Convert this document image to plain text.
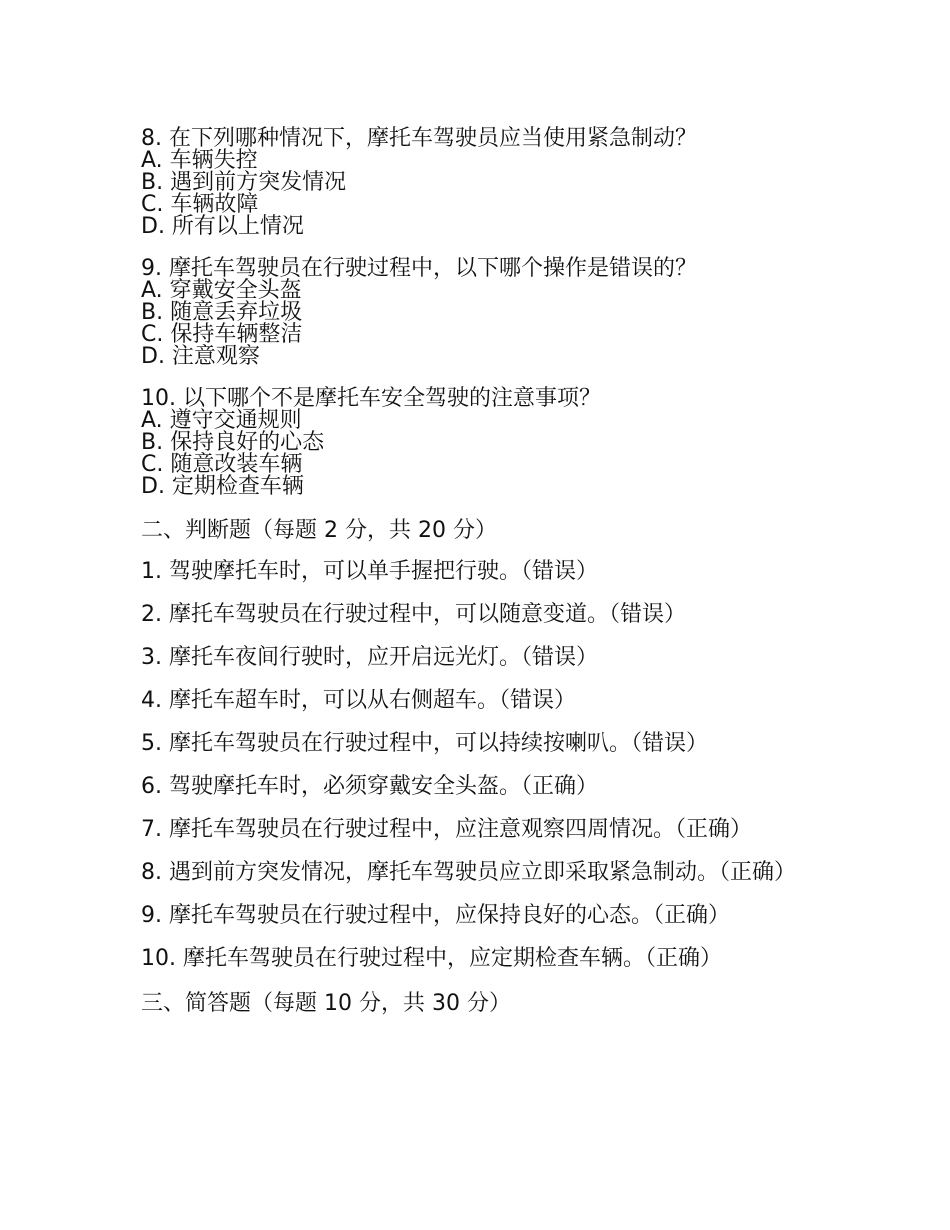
8. 在下列哪种情况下，摩托车驾驶员应当使用紧急制动？
A. 车辆失控
B. 遇到前方突发情况
C. 车辆故障
D. 所有以上情况
9. 摩托车驾驶员在行驶过程中，以下哪个操作是错误的？
A. 穿戴安全头盔
B. 随意丢弃垃圾
C. 保持车辆整洁
D. 注意观察
10. 以下哪个不是摩托车安全驾驶的注意事项？
A. 遵守交通规则
B. 保持良好的心态
C. 随意改装车辆
D. 定期检查车辆
二、判断题（每题 2 分，共 20 分）
1. 驾驶摩托车时，可以单手握把行驶。（错误）
2. 摩托车驾驶员在行驶过程中，可以随意变道。（错误）
3. 摩托车夜间行驶时，应开启远光灯。（错误）
4. 摩托车超车时，可以从右侧超车。（错误）
5. 摩托车驾驶员在行驶过程中，可以持续按喇叭。（错误）
6. 驾驶摩托车时，必须穿戴安全头盔。（正确）
7. 摩托车驾驶员在行驶过程中，应注意观察四周情况。（正确）
8. 遇到前方突发情况，摩托车驾驶员应立即采取紧急制动。（正确）
9. 摩托车驾驶员在行驶过程中，应保持良好的心态。（正确）
10. 摩托车驾驶员在行驶过程中，应定期检查车辆。（正确）
三、简答题（每题 10 分，共 30 分）
